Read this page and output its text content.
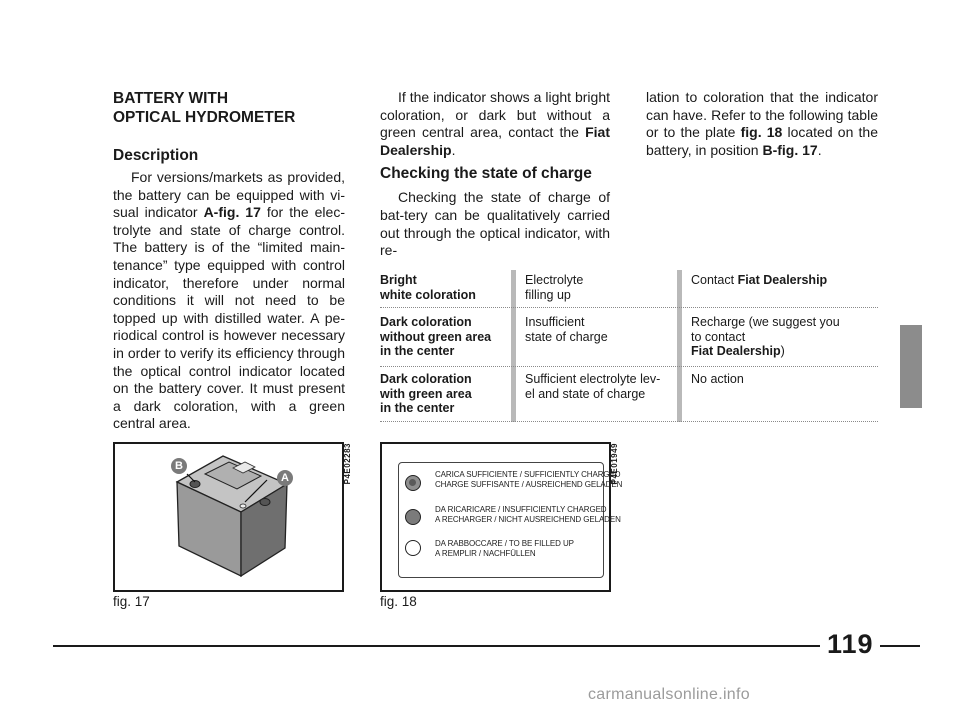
BATTERY WITH
OPTICAL HYDROMETER
Description

For versions/markets as provided, the battery can be equipped with vi-sual indicator A-fig. 17 for the elec-trolyte and state of charge control. The battery is of the “limited main-tenance” type equipped with control indicator, therefore under normal conditions it will not need to be topped up with distilled water. A pe-riodical control is however necessary in order to verify its efficiency through the optical control indicator located on the battery cover. It must present a dark coloration, with a green central area.

If the indicator shows a light bright coloration, or dark but without a green central area, contact the Fiat Dealership.

Checking the state of charge

Checking the state of charge of bat-tery can be qualitatively carried out through the optical indicator, with re-

lation to coloration that the indicator can have. Refer to the following table or to the plate fig. 18 located on the battery, in position B-fig. 17.

Bright
white coloration
Electrolyte
filling up
Contact Fiat Dealership
Dark coloration
without green area
in the center
Insufficient
state of charge
Recharge (we suggest you
to contact
Fiat Dealership)
Dark coloration
with green area
in the center
Sufficient electrolyte lev-
el and state of charge
No action
B
A	P4E02283
fig. 17
CARICA SUFFICIENTE / SUFFICIENTLY CHARGED
CHARGE SUFFISANTE / AUSREICHEND GELADEN
DA RICARICARE / INSUFFICIENTLY CHARGED
A RECHARGER / NICHT AUSREICHEND GELADEN
DA RABBOCCARE / TO BE FILLED UP
A REMPLIR / NACHFÜLLEN
P4E01949
fig. 18
119
carmanualsonline.info
